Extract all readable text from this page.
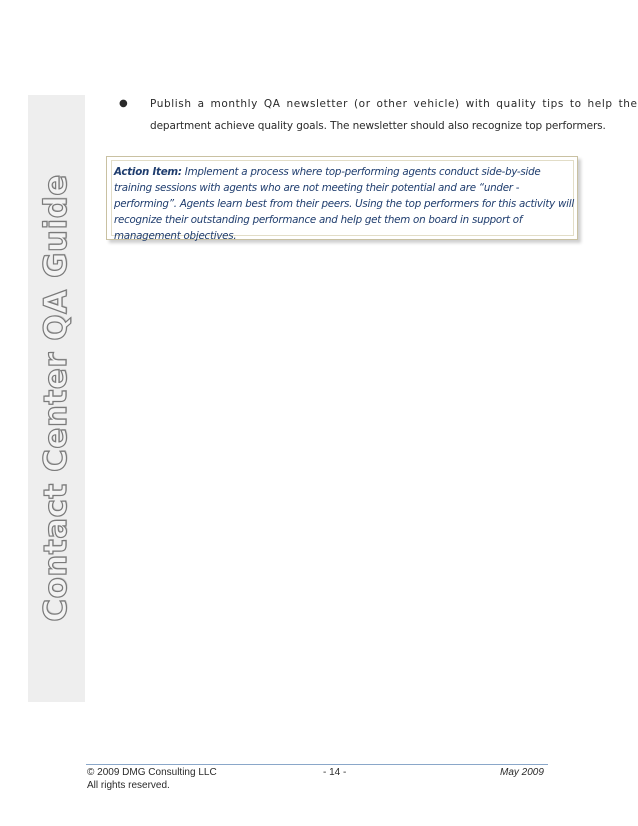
Contact Center QA Guide
● Publish a monthly QA newsletter (or other vehicle) with quality tips to help the
department achieve quality goals. The newsletter should also recognize top performers.
Action Item: Implement a process where top-performing agents conduct side-by-side
training sessions with agents who are not meeting their potential and are “under -
performing”. Agents learn best from their peers. Using the top performers for this activity will
recognize their outstanding performance and help get them on board in support of
management objectives.
© 2009 DMG Consulting LLC
All rights reserved.
- 14 -	May 2009
